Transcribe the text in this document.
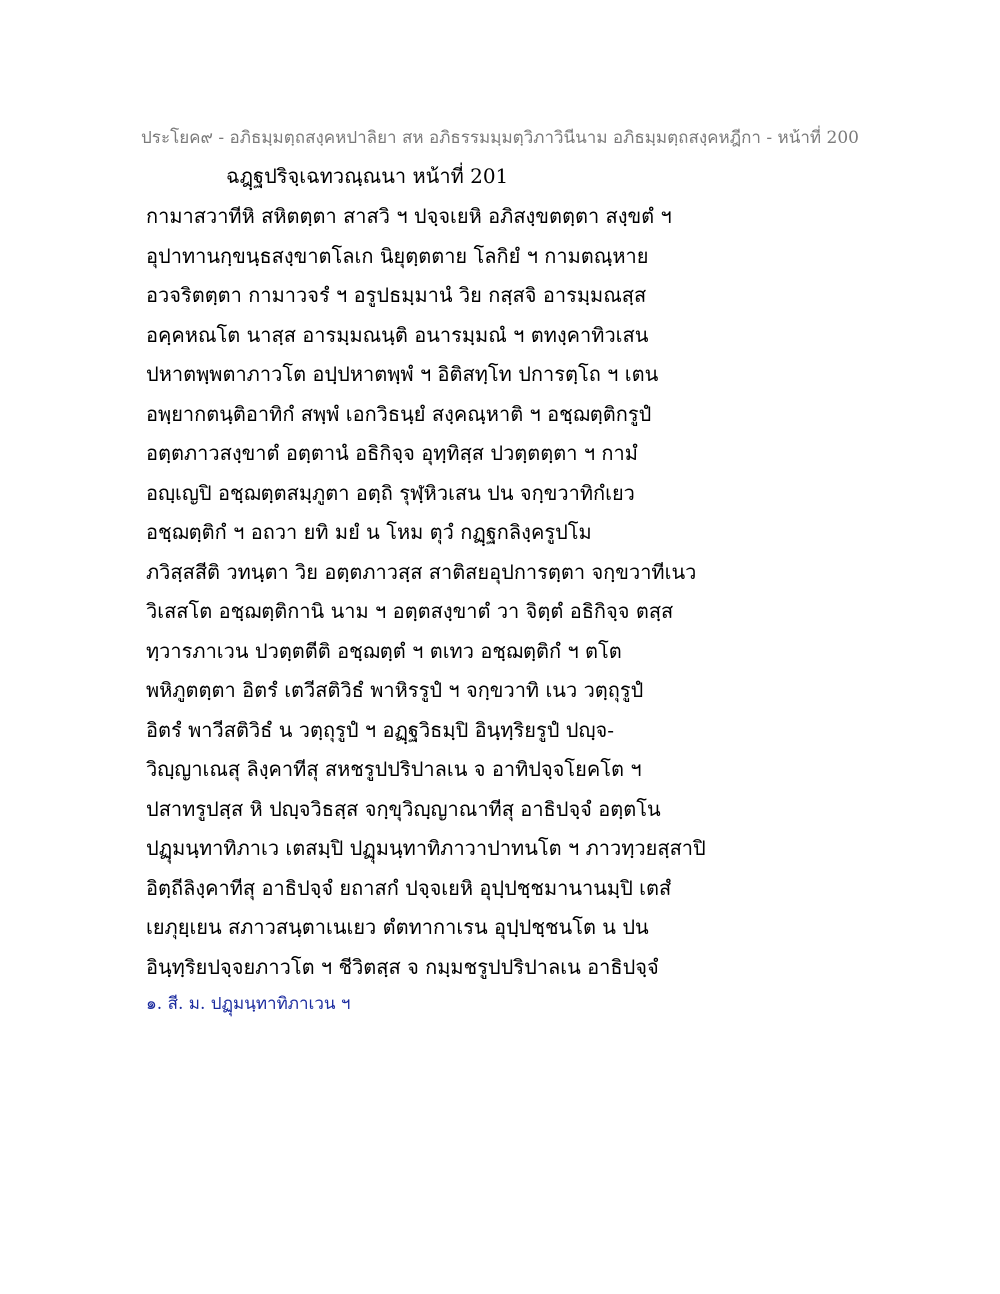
ประโยค๙ - อภิธมฺมตฺถสงฺคหปาลิยา สห อภิธรรมมฺมตฺวิภาวินีนาม อภิธมฺมตฺถสงฺคหฎีกา - หน้าที่ 200
ฉฎฺฐปริจฺเฉทวณฺณนา หน้าที่ 201
กามาสวาทีหิ สหิตตฺตา สาสวิ ฯ ปจฺจเยหิ อภิสงฺขตตฺตา สงฺขตํ ฯ
อุปาทานกฺขนฺธสงฺขาตโลเก นิยุตฺตตาย โลกิยํ ฯ กามตณฺหาย
อวจริตตฺตา กามาวจรํ ฯ อรูปธมฺมานํ วิย กสฺสจิ อารมฺมณสฺส
อคฺคหณโต นาสฺส อารมฺมณนฺติ อนารมฺมณํ ฯ ตทงฺคาทิวเสน
ปหาตพฺพตาภาวโต อปฺปหาตพฺพํ ฯ อิติสทฺโท ปการตฺโถ ฯ เตน
อพฺยากตนฺติอาทิกํ สพฺพํ เอกวิธนฺยํ สงฺคณฺหาติ ฯ อชฺฌตฺติกรูปํ
อตฺตภาวสงฺขาตํ อตฺตานํ อธิกิจฺจ อุทฺทิสฺส ปวตฺตตฺตา ฯ กามํ
อญฺเญปิ อชฺฌตฺตสมฺภูตา อตฺถิ รุฬฺหิวเสน ปน จกฺขวาทิกํเยว
อชฺฌตฺติกํ ฯ อถวา ยทิ มยํ น โหม ตุวํ กฏฺฐกลิงฺครูปโม
ภวิสฺสสีติ วทนฺตา วิย อตฺตภาวสฺส สาติสยอุปการตฺตา จกฺขวาทีเนว
วิเสสโต อชฺฌตฺติกานิ นาม ฯ อตฺตสงฺขาตํ วา จิตฺตํ อธิกิจฺจ ตสฺส
ทฺวารภาเวน ปวตฺตตีติ อชฺฌตฺตํ ฯ ตเทว อชฺฌตฺติกํ ฯ ตโต
พหิภูตตฺตา อิตรํ เตวีสติวิธํ พาหิรรูปํ ฯ จกฺขวาทิ เนว วตฺถุรูปํ
อิตรํ พาวีสติวิธํ น วตฺถุรูปํ ฯ อฏฺฐวิธมฺปิ อินฺทฺริยรูปํ ปญฺจ-
วิญฺญาเณสุ ลิงฺคาทีสุ สหชรูปปริปาลเน จ อาทิปจฺจโยคโต ฯ
ปสาทรูปสฺส หิ ปญฺจวิธสฺส จกฺขุวิญฺญาณาทีสุ อาธิปจฺจํ อตฺตโน
ปฏุมนฺทาทิภาเว เตสมฺปิ ปฏุมนฺทาทิภาวาปาทนโต ฯ ภาวทฺวยสฺสาปิ
อิตฺถีลิงฺคาทีสุ อาธิปจฺจํ ยถาสกํ ปจฺจเยหิ อุปฺปชฺชมานานมฺปิ เตสํ
เยภุยฺเยน สภาวสนฺตาเนเยว ตํตทากาเรน อุปฺปชฺชนโต น ปน
อินฺทฺริยปจฺจยภาวโต ฯ ชีวิตสฺส จ กมฺมชรูปปริปาลเน อาธิปจฺจํ
๑. สี. ม. ปฏุมนฺทาทิภาเวน ฯ
